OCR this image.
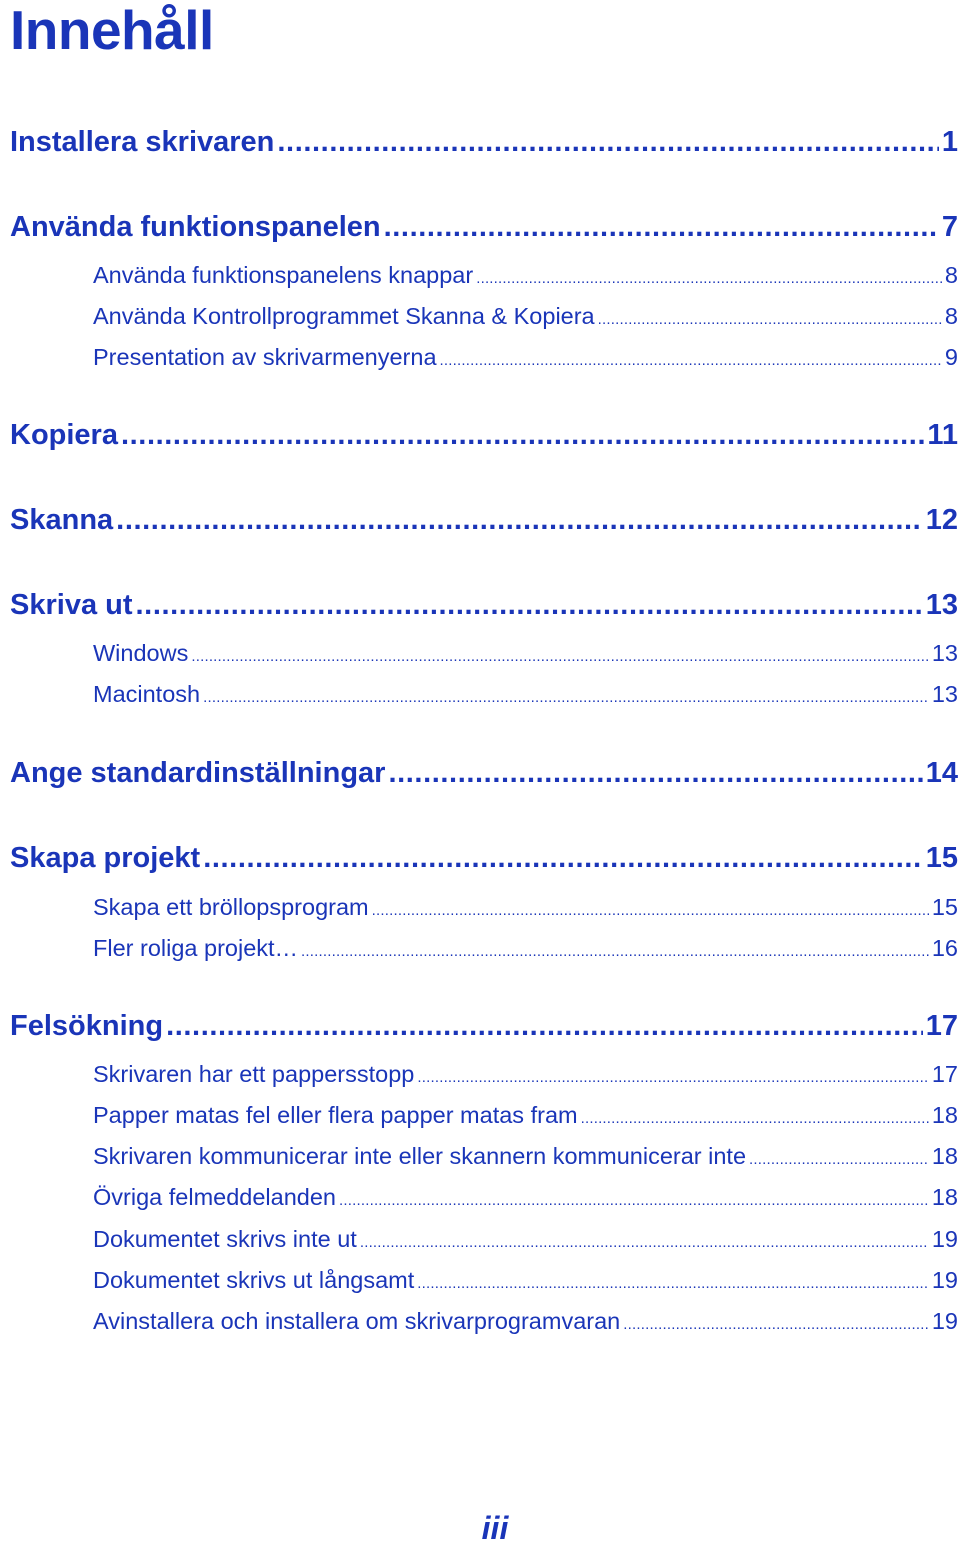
Innehåll
Installera skrivaren .....	1
Använda funktionspanelen .....	7
Använda funktionspanelens knappar .....	8
Använda Kontrollprogrammet Skanna & Kopiera .....	8
Presentation av skrivarmenyerna .....	9
Kopiera .....	11
Skanna .....	12
Skriva ut .....	13
Windows .....	13
Macintosh .....	13
Ange standardinställningar .....	14
Skapa projekt .....	15
Skapa ett bröllopsprogram .....	15
Fler roliga projekt… .....	16
Felsökning .....	17
Skrivaren har ett pappersstopp .....	17
Papper matas fel eller flera papper matas fram .....	18
Skrivaren kommunicerar inte eller skannern kommunicerar inte .....	18
Övriga felmeddelanden .....	18
Dokumentet skrivs inte ut .....	19
Dokumentet skrivs ut långsamt .....	19
Avinstallera och installera om skrivarprogramvaran .....	19
iii
